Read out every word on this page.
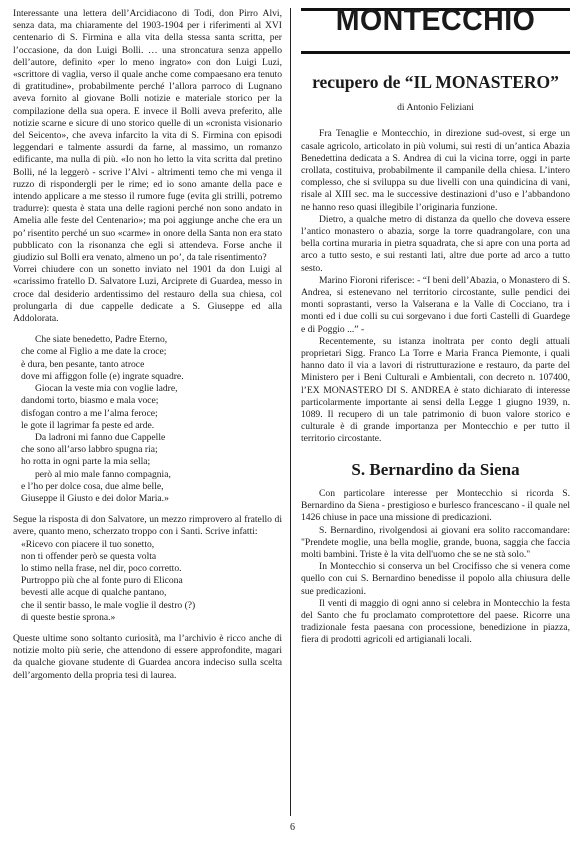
Interessante una lettera dell’Arcidiacono di Todi, don Pirro Alvi, senza data, ma chiaramente del 1903-1904 per i riferimenti al XVI centenario di S. Firmina e alla vita della stessa santa scritta, per l’occasione, da don Luigi Bolli. … una stroncatura senza appello dell’autore, definito «per lo meno ingrato» con don Luigi Luzi, «scrittore di vaglia, verso il quale anche come compaesano era tenuto di gratitudine», probabilmente perché l’allora parroco di Lugnano aveva fornito al giovane Bolli notizie e materiale storico per la compilazione della sua opera. E invece il Bolli aveva preferito, alle notizie scarne e sicure di uno storico quelle di un «cronista visionario del Seicento», che aveva infarcito la vita di S. Firmina con episodi leggendari e talmente assurdi da farne, al massimo, un romanzo edificante, ma nulla di più. «Io non ho letto la vita scritta dal pretino Bolli, né la leggerò - scrive l’Alvi - altrimenti temo che mi venga il ruzzo di rispondergli per le rime; ed io sono amante della pace e intendo applicare a me stesso il rumore fuge (evita gli strilli, potremo tradurre): questa è stata una delle ragioni perché non sono andato in Amelia alle feste del Centenario»; ma poi aggiunge anche che era un po’ risentito perché un suo «carme» in onore della Santa non era stato pubblicato con la risonanza che egli si attendeva. Forse anche il giudizio sul Bolli era venato, almeno un po’, da tale risentimento?

Vorrei chiudere con un sonetto inviato nel 1901 da don Luigi al «carissimo fratello D. Salvatore Luzi, Arciprete di Guardea, messo in croce dal desiderio ardentissimo del restauro della sua chiesa, col prolungarla di due cappelle dedicate a S. Giuseppe ed alla Addolorata.

Che siate benedetto, Padre Eterno,
che come al Figlio a me date la croce;
è dura, ben pesante, tanto atroce
dove mi affiggon folle (e) ingrate squadre.
Giocan la veste mia con voglie ladre,
dandomi torto, biasmo e mala voce;
disfogan contro a me l’alma feroce;
le gote il lagrimar fa peste ed arde.
Da ladroni mi fanno due Cappelle
che sono all’arso labbro spugna ria;
ho rotta in ogni parte la mia sella;
però al mio male fanno compagnia,
e l’ho per dolce cosa, due alme belle,
Giuseppe il Giusto e dei dolor Maria.»

Segue la risposta di don Salvatore, un mezzo rimprovero al fratello di avere, quanto meno, scherzato troppo con i Santi. Scrive infatti:

«Ricevo con piacere il tuo sonetto,
non ti offender però se questa volta
lo stimo nella frase, nel dir, poco corretto.
Purtroppo più che al fonte puro di Elicona
bevesti alle acque di qualche pantano,
che il sentir basso, le male voglie il destro (?)
di queste bestie sprona.»

Queste ultime sono soltanto curiosità, ma l’archivio è ricco anche di notizie molto più serie, che attendono di essere approfondite, magari da qualche giovane studente di Guardea ancora indeciso sulla scelta dell’argomento della propria tesi di laurea.

MONTECCHIO
recupero de “IL MONASTERO”
di Antonio Feliziani

Fra Tenaglie e Montecchio, in direzione sud-ovest, si erge un casale agricolo, articolato in più volumi, sui resti di un’antica Abazia Benedettina dedicata a S. Andrea di cui la vicina torre, oggi in parte crollata, costituiva, probabilmente il campanile della chiesa. L’intero complesso, che si sviluppa su due livelli con una quindicina di vani, risale al XIII sec. ma le successive destinazioni d’uso e l’abbandono ne hanno reso quasi illegibile l’originaria funzione.

Dietro, a qualche metro di distanza da quello che doveva essere l’antico monastero o abazia, sorge la torre quadrangolare, con una bella cortina muraria in pietra squadrata, che si apre con una porta ad arco a tutto sesto, e sui restanti lati, altre due porte ad arco a tutto sesto.

Marino Fioroni riferisce: - “I beni dell’Abazia, o Monastero di S. Andrea, si estenevano nel territorio circostante, sulle pendici dei monti soprastanti, verso la Valserana e la Valle di Cocciano, tra i monti ed i due colli su cui sorgevano i due forti Castelli di Guardege e di Poggio ...” -

Recentemente, su istanza inoltrata per conto degli attuali proprietari Sigg. Franco La Torre e Maria Franca Piemonte, i quali hanno dato il via a lavori di ristrutturazione e restauro, da parte del Ministero per i Beni Culturali e Ambientali, con decreto n. 107400, l’EX MONASTERO DI S. ANDREA è stato dichiarato di interesse particolarmente importante ai sensi della Legge 1 giugno 1939, n. 1089. Il recupero di un tale patrimonio di buon valore storico e culturale è di grande importanza per Montecchio e per tutto il territorio circostante.

S. Bernardino da Siena

Con particolare interesse per Montecchio si ricorda S. Bernardino da Siena - prestigioso e burlesco francescano - il quale nel 1426 chiuse in pace una missione di predicazioni.

S. Bernardino, rivolgendosi ai giovani era solito raccomandare: "Prendete moglie, una bella moglie, grande, buona, saggia che faccia molti bambini. Triste è la vita dell'uomo che se ne stà solo."

In Montecchio si conserva un bel Crocifisso che si venera come quello con cui S. Bernardino benedisse il popolo alla chiusura delle sue predicazioni.

Il venti di maggio di ogni anno si celebra in Montecchio la festa del Santo che fu proclamato comprotettore del paese. Ricorre una tradizionale festa paesana con processione, benedizione in piazza, fiera di prodotti agricoli ed artigianali locali.

6
